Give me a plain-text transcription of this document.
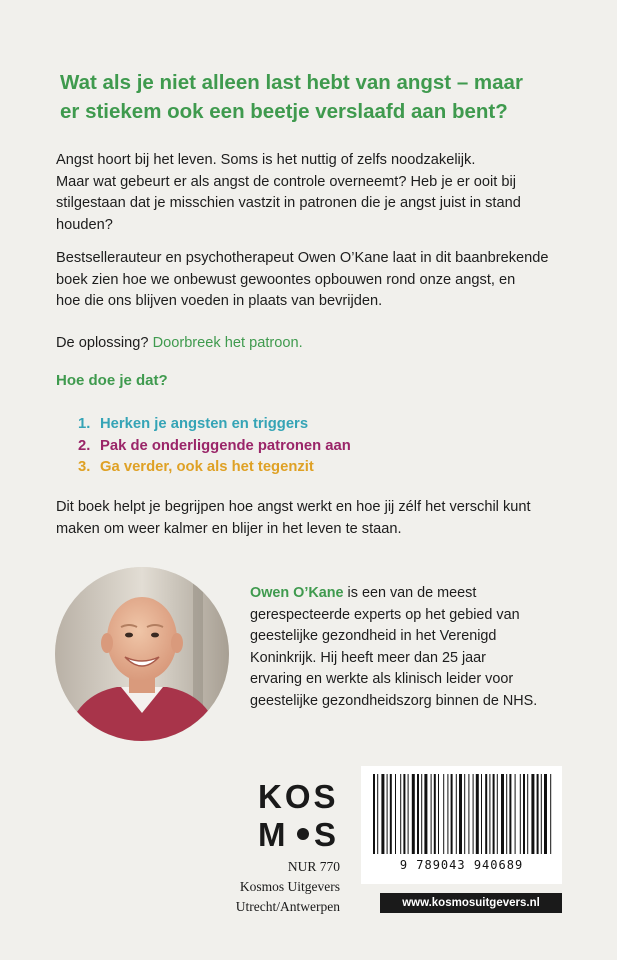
Wat als je niet alleen last hebt van angst – maar
er stiekem ook een beetje verslaafd aan bent?
Angst hoort bij het leven. Soms is het nuttig of zelfs noodzakelijk.
Maar wat gebeurt er als angst de controle overneemt? Heb je er ooit bij
stilgestaan dat je misschien vastzit in patronen die je angst juist in stand
houden?
Bestsellerauteur en psychotherapeut Owen O’Kane laat in dit baanbrekende
boek zien hoe we onbewust gewoontes opbouwen rond onze angst, en
hoe die ons blijven voeden in plaats van bevrijden.
De oplossing? Doorbreek het patroon.
Hoe doe je dat?
1. Herken je angsten en triggers
2. Pak de onderliggende patronen aan
3. Ga verder, ook als het tegenzit
Dit boek helpt je begrijpen hoe angst werkt en hoe jij zélf het verschil kunt
maken om weer kalmer en blijer in het leven te staan.
Owen O’Kane is een van de meest
gerespecteerde experts op het gebied van
geestelijke gezondheid in het Verenigd
Koninkrijk. Hij heeft meer dan 25 jaar
ervaring en werkte als klinisch leider voor
geestelijke gezondheidszorg binnen de NHS.
KOS
M S
NUR 770
Kosmos Uitgevers
Utrecht/Antwerpen
9 789043 940689
www.kosmosuitgevers.nl
